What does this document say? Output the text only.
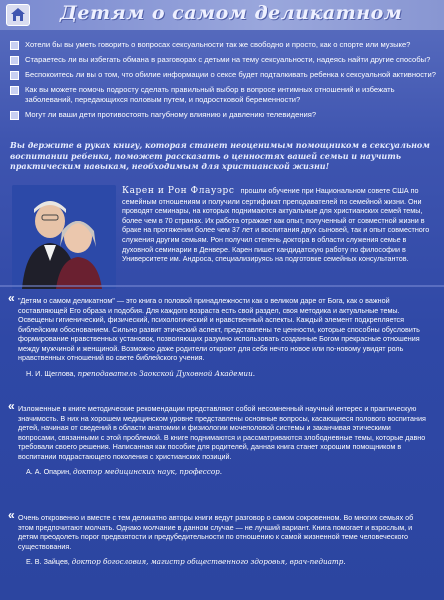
Детям о самом деликатном
Хотели бы вы уметь говорить о вопросах сексуальности так же свободно и просто, как о спорте или музыке?
Стараетесь ли вы избегать обмана в разговорах с детьми на тему сексуальности, надеясь найти другие способы?
Беспокоитесь ли вы о том, что обилие информации о сексе будет подталкивать ребенка к сексуальной активности?
Как вы можете помочь подросту сделать правильный выбор в вопросе интимных отношений и избежать заболеваний, передающихся половым путем, и подростковой беременности?
Могут ли ваши дети противостоять пагубному влиянию и давлению телевидения?
Вы держите в руках книгу, которая станет неоценимым помощником в сексуальном воспитании ребенка, поможет рассказать о ценностях вашей семьи и научить практическим навыкам, необходимым для христианской жизни!
Карен и Рон Флауэрс прошли обучение при Национальном совете США по семейным отношениям и получили сертификат преподавателей по семейной жизни. Они проводят семинары, на которых поднимаются актуальные для христианских семей темы, более чем в 70 странах. Их работа отражает как опыт, полученный от совместной жизни в браке на протяжении более чем 37 лет и воспитания двух сыновей, так и опыт совместного служения другим семьям. Рон получил степень доктора в области служения семье в духовной семинарии в Денвере. Карен пишет кандидатскую работу по философии в Университете им. Андроса, специализируясь на подготовке семейных консультантов.
« "Детям о самом деликатном" — это книга о половой принадлежности как о великом даре от Бога, как о важной составляющей Его образа и подобия. Для каждого возраста есть свой раздел, своя методика и актуальные темы. Освещены гигиенический, физический, психологический и нравственный аспекты. Каждый элемент подкрепляется библейским обоснованием. Сильно развит этический аспект, представлены те ценности, которые способны обусловить формирование нравственных установок, позволяющих разумно использовать созданные Богом прекрасные отношения между мужчиной и женщиной. Возможно даже родители откроют для себя нечто новое или по-новому увидят роль нравственных отношений во свете библейского учения.
Н. И. Щеглова, преподаватель Заокской Духовной Академии.
« Изложенные в книге методические рекомендации представляют собой несомненный научный интерес и практическую значимость. В них на хорошем медицинском уровне представлены основные вопросы, касающиеся полового воспитания детей, начиная от сведений в области анатомии и физиологии мочеполовой системы и заканчивая этическими вопросами, связанными с этой проблемой. В книге поднимаются и рассматриваются злободневные темы, которые давно требовали своего решения. Написанная как пособие для родителей, данная книга станет хорошим помощником в воспитании подрастающего поколения с христианских позиций.
А. А. Опарин, доктор медицинских наук, профессор.
« Очень откровенно и вместе с тем деликатно авторы книги ведут разговор о самом сокровенном. Во многих семьях об этом предпочитают молчать. Однако молчание в данном случае — не лучший вариант. Книга помогает и взрослым, и детям преодолеть порог предвзятости и предубедительности по отношению к самой жизненной теме человеческого существования.
Е. В. Зайцев, доктор богословия, магистр общественного здоровья, врач-педиатр.
